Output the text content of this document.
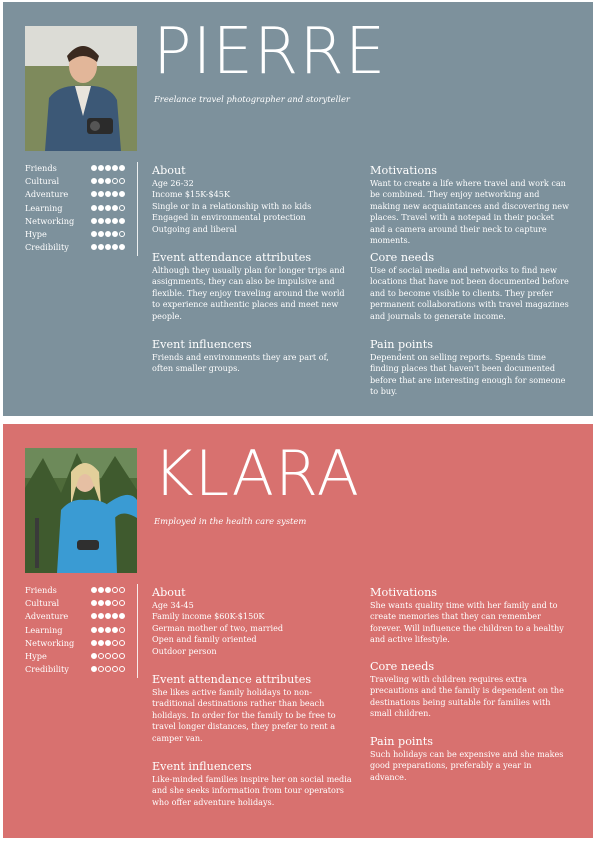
PIERRE
Freelance travel photographer and storyteller
Friends
Cultural
Adventure
Learning
Networking
Hype
Credibility
About

Age 26-32

Income $15K-$45K

Single or in a relationship with no kids

Engaged in environmental protection

Outgoing and liberal

Event attendance attributes

Although they usually plan for longer trips and assignments, they can also be impulsive and flexible. They enjoy traveling around the world to experience authentic places and meet new people.

Event influencers

Friends and environments they are part of, often smaller groups.

Motivations

Want to create a life where travel and work can be combined. They enjoy networking and making new acquaintances and discovering new places. Travel with a notepad in their pocket and a camera around their neck to capture moments.

Core needs

Use of social media and networks to find new locations that have not been documented before and to become visible to clients. They prefer permanent collaborations with travel magazines and journals to generate income.

Pain points

Dependent on selling reports. Spends time finding places that haven't been documented before that are interesting enough for someone to buy.

KLARA
Employed in the health care system
Friends
Cultural
Adventure
Learning
Networking
Hype
Credibility
About

Age 34-45

Family income $60K-$150K

German mother of two, married

Open and family oriented

Outdoor person

Event attendance attributes

She likes active family holidays to non-traditional destinations rather than beach holidays. In order for the family to be free to travel longer distances, they prefer to rent a camper van.

Event influencers

Like-minded families inspire her on social media and she seeks information from tour operators who offer adventure holidays.

Motivations

She wants quality time with her family and to create memories that they can remember forever. Will influence the children to a healthy and active lifestyle.

Core needs

Traveling with children requires extra precautions and the family is dependent on the destinations being suitable for families with small children.

Pain points

Such holidays can be expensive and she makes good preparations, preferably a year in advance.
